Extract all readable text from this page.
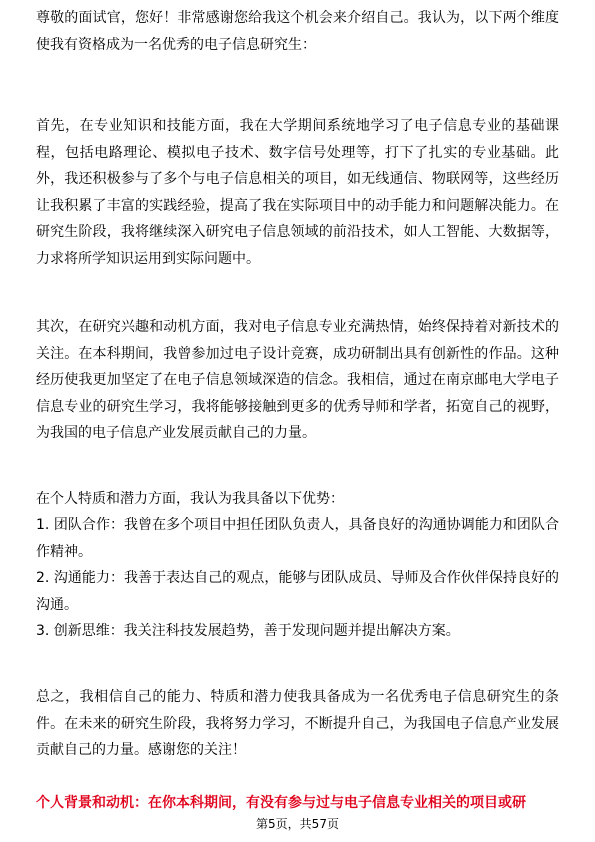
尊敬的面试官，您好！非常感谢您给我这个机会来介绍自己。我认为，以下两个维度使我有资格成为一名优秀的电子信息研究生：

首先，在专业知识和技能方面，我在大学期间系统地学习了电子信息专业的基础课程，包括电路理论、模拟电子技术、数字信号处理等，打下了扎实的专业基础。此外，我还积极参与了多个与电子信息相关的项目，如无线通信、物联网等，这些经历让我积累了丰富的实践经验，提高了我在实际项目中的动手能力和问题解决能力。在研究生阶段，我将继续深入研究电子信息领域的前沿技术，如人工智能、大数据等，力求将所学知识运用到实际问题中。

其次，在研究兴趣和动机方面，我对电子信息专业充满热情，始终保持着对新技术的关注。在本科期间，我曾参加过电子设计竞赛，成功研制出具有创新性的作品。这种经历使我更加坚定了在电子信息领域深造的信念。我相信，通过在南京邮电大学电子信息专业的研究生学习，我将能够接触到更多的优秀导师和学者，拓宽自己的视野，为我国的电子信息产业发展贡献自己的力量。

在个人特质和潜力方面，我认为我具备以下优势：

1. 团队合作：我曾在多个项目中担任团队负责人，具备良好的沟通协调能力和团队合作精神。

2. 沟通能力：我善于表达自己的观点，能够与团队成员、导师及合作伙伴保持良好的沟通。

3. 创新思维：我关注科技发展趋势，善于发现问题并提出解决方案。

总之，我相信自己的能力、特质和潜力使我具备成为一名优秀电子信息研究生的条件。在未来的研究生阶段，我将努力学习，不断提升自己，为我国电子信息产业发展贡献自己的力量。感谢您的关注！

个人背景和动机：在你本科期间，有没有参与过与电子信息专业相关的项目或研
第5页，共57页
